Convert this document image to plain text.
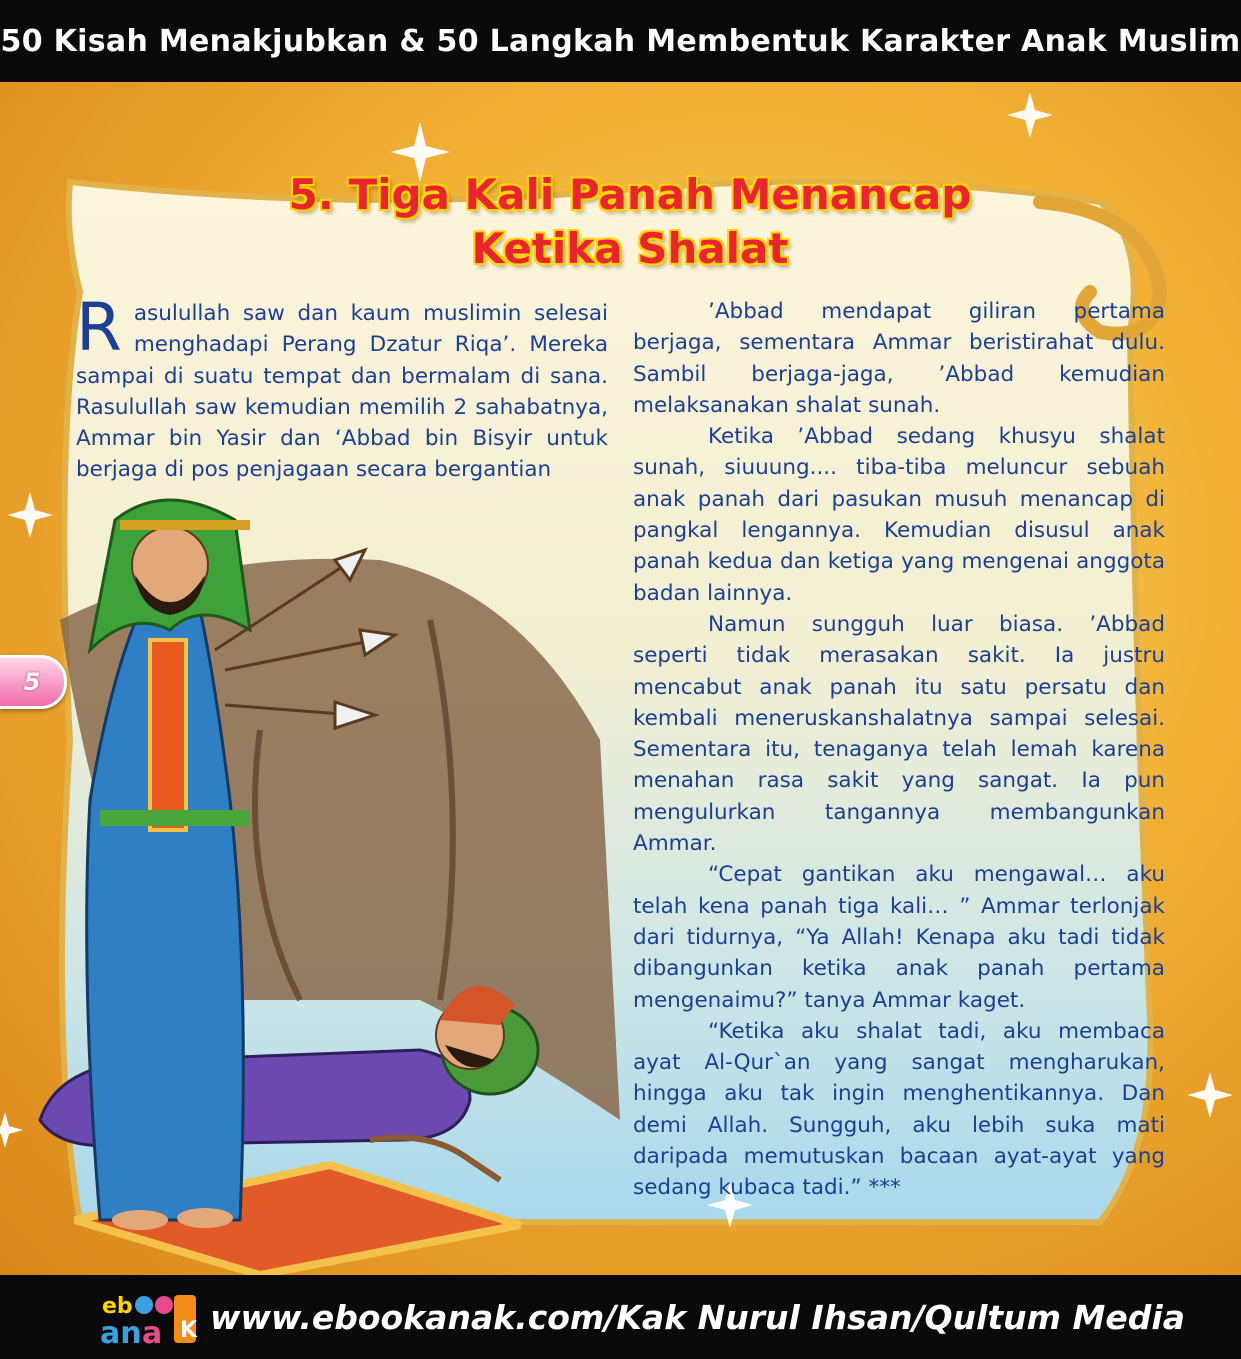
50 Kisah Menakjubkan & 50 Langkah Membentuk Karakter Anak Muslim
5. Tiga Kali Panah Menancap
Ketika Shalat
R asulullah saw dan kaum muslimin selesai menghadapi Perang Dzatur Riqa’. Mereka sampai di suatu tempat dan bermalam di sana. Rasulullah saw kemudian memilih 2 sahabatnya, Ammar bin Yasir dan ‘Abbad bin Bisyir untuk berjaga di pos penjagaan secara bergantian

’Abbad mendapat giliran pertama berjaga, sementara Ammar beristirahat dulu. Sambil berjaga-jaga, ’Abbad kemudian melaksanakan shalat sunah.

Ketika ’Abbad sedang khusyu shalat sunah, siuuung.... tiba-tiba meluncur sebuah anak panah dari pasukan musuh menancap di pangkal lengannya. Kemudian disusul anak panah kedua dan ketiga yang mengenai anggota badan lainnya.

Namun sungguh luar biasa. ’Abbad seperti tidak merasakan sakit. Ia justru mencabut anak panah itu satu persatu dan kembali meneruskanshalatnya sampai selesai. Sementara itu, tenaganya telah lemah karena menahan rasa sakit yang sangat. Ia pun mengulurkan tangannya membangunkan Ammar.

“Cepat gantikan aku mengawal… aku telah kena panah tiga kali… ” Ammar terlonjak dari tidurnya, “Ya Allah! Kenapa aku tadi tidak dibangunkan ketika anak panah pertama mengenaimu?” tanya Ammar kaget.

“Ketika aku shalat tadi, aku membaca ayat Al-Qur`an yang sangat mengharukan, hingga aku tak ingin menghentikannya. Dan demi Allah. Sungguh, aku lebih suka mati daripada memutuskan bacaan ayat-ayat yang sedang kubaca tadi.” ***

5
www.ebookanak.com/Kak Nurul Ihsan/Qultum Media
eb
an a K
